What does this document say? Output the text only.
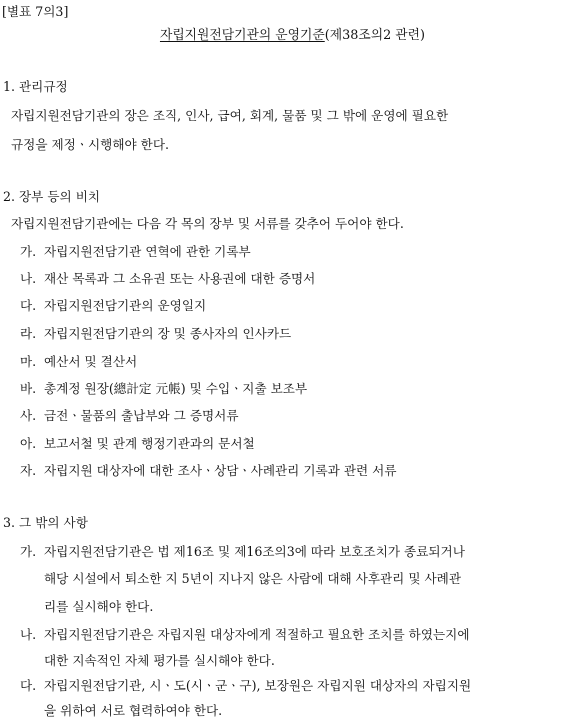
[별표 7의3]
자립지원전담기관의 운영기준(제38조의2 관련)
1. 관리규정
자립지원전담기관의 장은 조직, 인사, 급여, 회계, 물품 및 그 밖에 운영에 필요한
규정을 제정ㆍ시행해야 한다.
2. 장부 등의 비치
자립지원전담기관에는 다음 각 목의 장부 및 서류를 갖추어 두어야 한다.
가. 자립지원전담기관 연혁에 관한 기록부
나. 재산 목록과 그 소유권 또는 사용권에 대한 증명서
다. 자립지원전담기관의 운영일지
라. 자립지원전담기관의 장 및 종사자의 인사카드
마. 예산서 및 결산서
바. 총계정 원장(總計定 元帳) 및 수입ㆍ지출 보조부
사. 금전ㆍ물품의 출납부와 그 증명서류
아. 보고서철 및 관계 행정기관과의 문서철
자. 자립지원 대상자에 대한 조사ㆍ상담ㆍ사례관리 기록과 관련 서류
3. 그 밖의 사항
가. 자립지원전담기관은 법 제16조 및 제16조의3에 따라 보호조치가 종료되거나
해당 시설에서 퇴소한 지 5년이 지나지 않은 사람에 대해 사후관리 및 사례관
리를 실시해야 한다.
나. 자립지원전담기관은 자립지원 대상자에게 적절하고 필요한 조치를 하였는지에
대한 지속적인 자체 평가를 실시해야 한다.
다. 자립지원전담기관, 시ㆍ도(시ㆍ군ㆍ구), 보장원은 자립지원 대상자의 자립지원
을 위하여 서로 협력하여야 한다.
